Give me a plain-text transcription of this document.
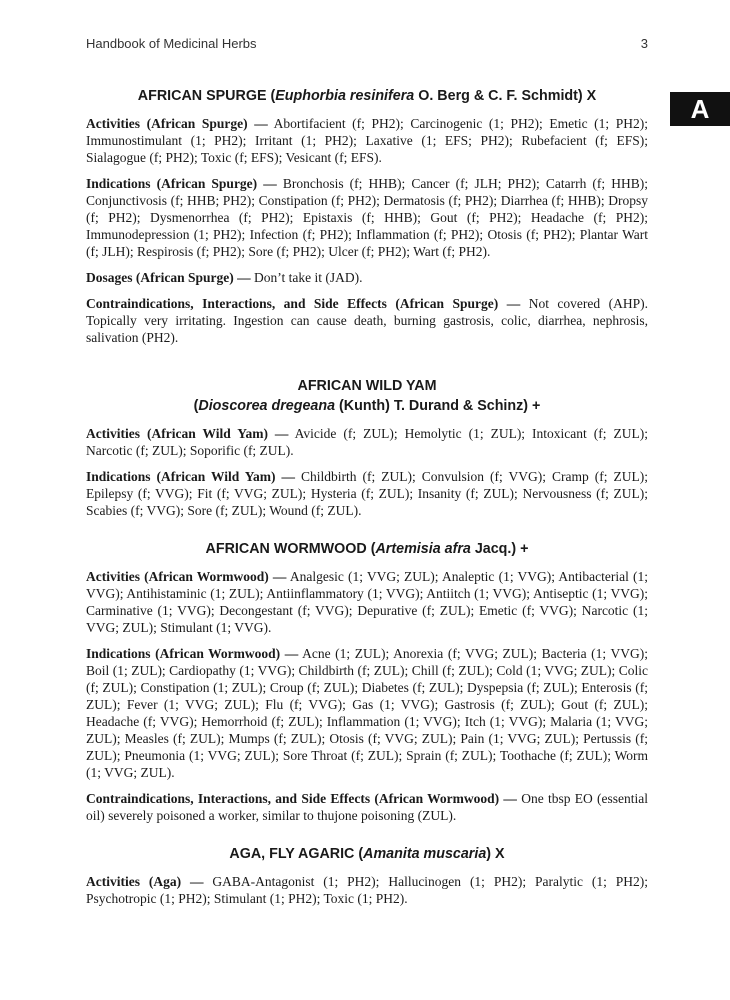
Handbook of Medicinal Herbs	3
A
AFRICAN SPURGE (Euphorbia resinifera O. Berg & C. F. Schmidt) X

Activities (African Spurge) — Abortifacient (f; PH2); Carcinogenic (1; PH2); Emetic (1; PH2); Immunostimulant (1; PH2); Irritant (1; PH2); Laxative (1; EFS; PH2); Rubefacient (f; EFS); Sialagogue (f; PH2); Toxic (f; EFS); Vesicant (f; EFS).

Indications (African Spurge) — Bronchosis (f; HHB); Cancer (f; JLH; PH2); Catarrh (f; HHB); Conjunctivosis (f; HHB; PH2); Constipation (f; PH2); Dermatosis (f; PH2); Diarrhea (f; HHB); Dropsy (f; PH2); Dysmenorrhea (f; PH2); Epistaxis (f; HHB); Gout (f; PH2); Headache (f; PH2); Immunodepression (1; PH2); Infection (f; PH2); Inflammation (f; PH2); Otosis (f; PH2); Plantar Wart (f; JLH); Respirosis (f; PH2); Sore (f; PH2); Ulcer (f; PH2); Wart (f; PH2).

Dosages (African Spurge) — Don’t take it (JAD).

Contraindications, Interactions, and Side Effects (African Spurge) — Not covered (AHP). Topically very irritating. Ingestion can cause death, burning gastrosis, colic, diarrhea, nephrosis, salivation (PH2).

AFRICAN WILD YAM
(Dioscorea dregeana (Kunth) T. Durand & Schinz) +

Activities (African Wild Yam) — Avicide (f; ZUL); Hemolytic (1; ZUL); Intoxicant (f; ZUL); Narcotic (f; ZUL); Soporific (f; ZUL).

Indications (African Wild Yam) — Childbirth (f; ZUL); Convulsion (f; VVG); Cramp (f; ZUL); Epilepsy (f; VVG); Fit (f; VVG; ZUL); Hysteria (f; ZUL); Insanity (f; ZUL); Nervousness (f; ZUL); Scabies (f; VVG); Sore (f; ZUL); Wound (f; ZUL).

AFRICAN WORMWOOD (Artemisia afra Jacq.) +

Activities (African Wormwood) — Analgesic (1; VVG; ZUL); Analeptic (1; VVG); Antibacterial (1; VVG); Antihistaminic (1; ZUL); Antiinflammatory (1; VVG); Antiitch (1; VVG); Antiseptic (1; VVG); Carminative (1; VVG); Decongestant (f; VVG); Depurative (f; ZUL); Emetic (f; VVG); Narcotic (1; VVG; ZUL); Stimulant (1; VVG).

Indications (African Wormwood) — Acne (1; ZUL); Anorexia (f; VVG; ZUL); Bacteria (1; VVG); Boil (1; ZUL); Cardiopathy (1; VVG); Childbirth (f; ZUL); Chill (f; ZUL); Cold (1; VVG; ZUL); Colic (f; ZUL); Constipation (1; ZUL); Croup (f; ZUL); Diabetes (f; ZUL); Dyspepsia (f; ZUL); Enterosis (f; ZUL); Fever (1; VVG; ZUL); Flu (f; VVG); Gas (1; VVG); Gastrosis (f; ZUL); Gout (f; ZUL); Headache (f; VVG); Hemorrhoid (f; ZUL); Inflammation (1; VVG); Itch (1; VVG); Malaria (1; VVG; ZUL); Measles (f; ZUL); Mumps (f; ZUL); Otosis (f; VVG; ZUL); Pain (1; VVG; ZUL); Pertussis (f; ZUL); Pneumonia (1; VVG; ZUL); Sore Throat (f; ZUL); Sprain (f; ZUL); Toothache (f; ZUL); Worm (1; VVG; ZUL).

Contraindications, Interactions, and Side Effects (African Wormwood) — One tbsp EO (essential oil) severely poisoned a worker, similar to thujone poisoning (ZUL).

AGA, FLY AGARIC (Amanita muscaria) X

Activities (Aga) — GABA-Antagonist (1; PH2); Hallucinogen (1; PH2); Paralytic (1; PH2); Psychotropic (1; PH2); Stimulant (1; PH2); Toxic (1; PH2).
